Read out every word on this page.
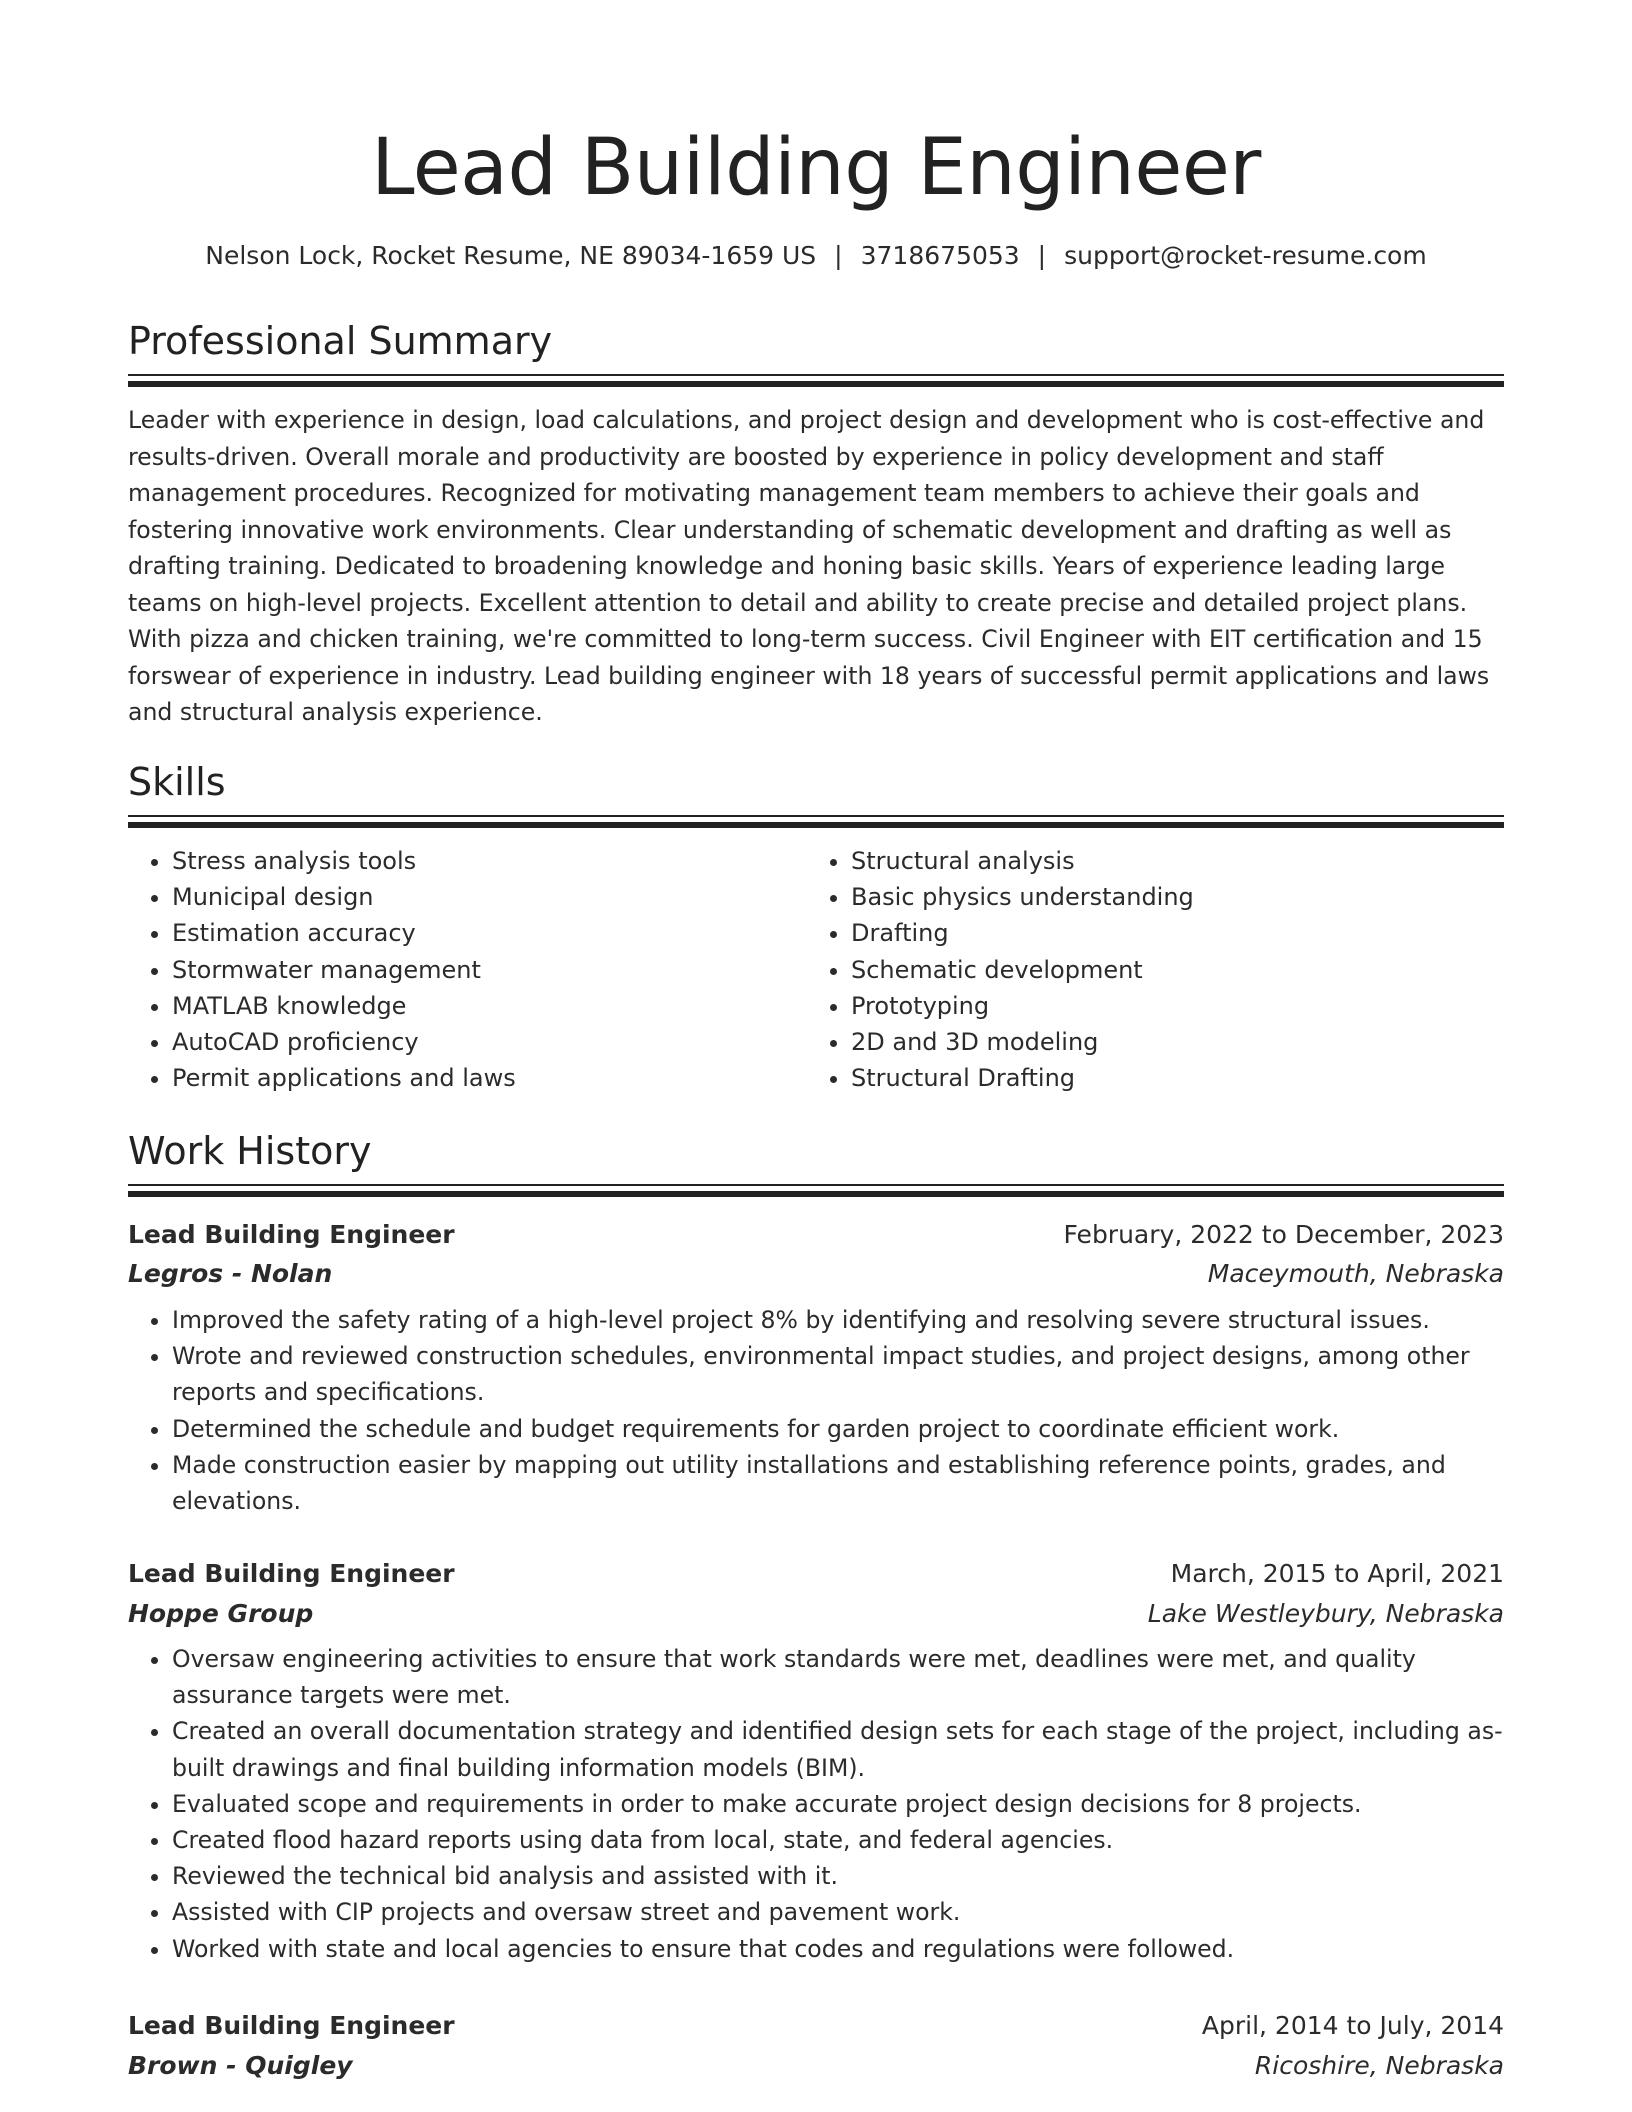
Lead Building Engineer
Nelson Lock, Rocket Resume, NE 89034-1659 US | 3718675053 | support@rocket-resume.com
Professional Summary

Leader with experience in design, load calculations, and project design and development who is cost-effective and results-driven. Overall morale and productivity are boosted by experience in policy development and staff management procedures. Recognized for motivating management team members to achieve their goals and fostering innovative work environments. Clear understanding of schematic development and drafting as well as drafting training. Dedicated to broadening knowledge and honing basic skills. Years of experience leading large teams on high-level projects. Excellent attention to detail and ability to create precise and detailed project plans. With pizza and chicken training, we're committed to long-term success. Civil Engineer with EIT certification and 15 forswear of experience in industry. Lead building engineer with 18 years of successful permit applications and laws and structural analysis experience.

Skills
• Stress analysis tools
• Municipal design
• Estimation accuracy
• Stormwater management
• MATLAB knowledge
• AutoCAD proficiency
• Permit applications and laws
• Structural analysis
• Basic physics understanding
• Drafting
• Schematic development
• Prototyping
• 2D and 3D modeling
• Structural Drafting
Work History
Lead Building Engineer	February, 2022 to December, 2023
Legros - Nolan	Maceymouth, Nebraska
• Improved the safety rating of a high-level project 8% by identifying and resolving severe structural issues.
• Wrote and reviewed construction schedules, environmental impact studies, and project designs, among other reports and specifications.
• Determined the schedule and budget requirements for garden project to coordinate efficient work.
• Made construction easier by mapping out utility installations and establishing reference points, grades, and elevations.
Lead Building Engineer	March, 2015 to April, 2021
Hoppe Group	Lake Westleybury, Nebraska
• Oversaw engineering activities to ensure that work standards were met, deadlines were met, and quality assurance targets were met.
• Created an overall documentation strategy and identified design sets for each stage of the project, including as-built drawings and final building information models (BIM).
• Evaluated scope and requirements in order to make accurate project design decisions for 8 projects.
• Created flood hazard reports using data from local, state, and federal agencies.
• Reviewed the technical bid analysis and assisted with it.
• Assisted with CIP projects and oversaw street and pavement work.
• Worked with state and local agencies to ensure that codes and regulations were followed.
Lead Building Engineer	April, 2014 to July, 2014
Brown - Quigley	Ricoshire, Nebraska
